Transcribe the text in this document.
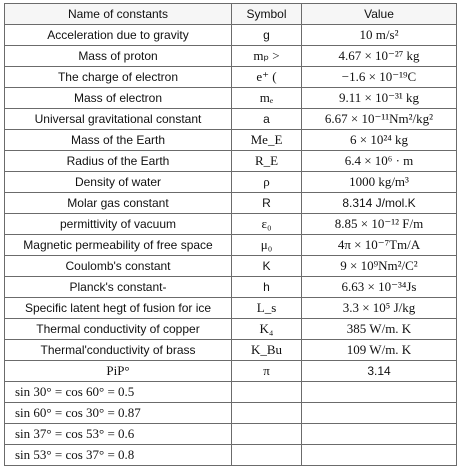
Name of constants	Symbol	Value
Acceleration due to gravity	g	10 m/s²
Mass of proton	mₚ >	4.67 × 10⁻²⁷ kg
The charge of electron	e⁺ (	−1.6 × 10⁻¹⁹C
Mass of electron	mₑ	9.11 × 10⁻³¹ kg
Universal gravitational constant	a	6.67 × 10⁻¹¹Nm²/kg²
Mass of the Earth	Me_E	6 × 10²⁴ kg
Radius of the Earth	R_E	6.4 × 10⁶ · m
Density of water	ρ	1000 kg/m³
Molar gas constant	R	8.314 J/mol.K
permittivity of vacuum	ε₀	8.85 × 10⁻¹² F/m
Magnetic permeability of free space	μ₀	4π × 10⁻⁷Tm/A
Coulomb's constant	K	9 × 10⁹Nm²/C²
Planck's constant-	h	6.63 × 10⁻³⁴Js
Specific latent hegt of fusion for ice	L_s	3.3 × 10⁵ J/kg
Thermal conductivity of copper	K₄	385 W/m. K
Thermal'conductivity of brass	K_Bu	109 W/m. K
PiP°	π	3.14
sin 30° = cos 60° = 0.5		
sin 60° = cos 30° = 0.87		
sin 37° = cos 53° = 0.6		
sin 53° = cos 37° = 0.8		
